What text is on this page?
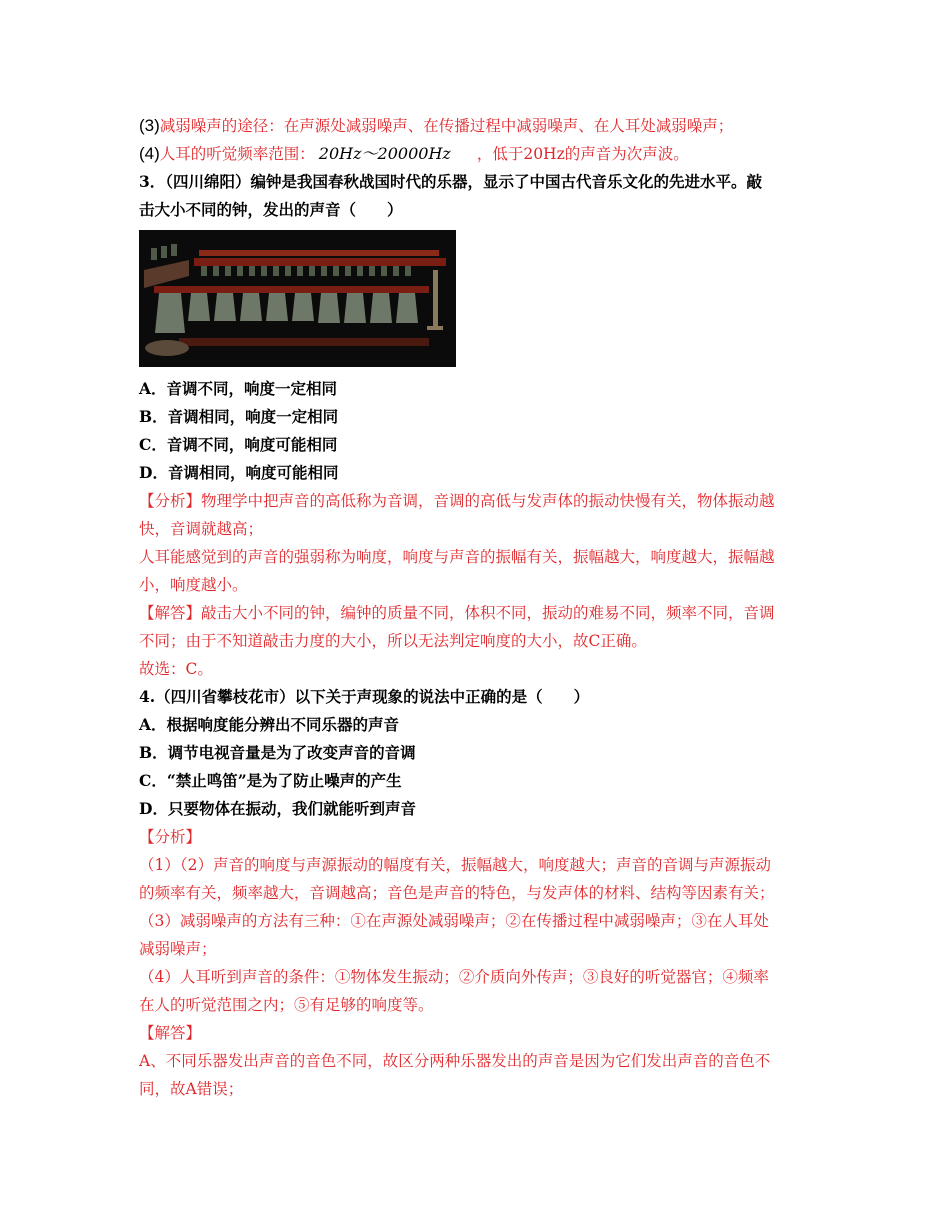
(3)减弱噪声的途径：在声源处减弱噪声、在传播过程中减弱噪声、在人耳处减弱噪声；
(4)人耳的听觉频率范围： 20Hz～20000Hz ，低于20Hz的声音为次声波。
3．（四川绵阳）编钟是我国春秋战国时代的乐器，显示了中国古代音乐文化的先进水平。敲
击大小不同的钟，发出的声音（　　）
A．音调不同，响度一定相同
B．音调相同，响度一定相同
C．音调不同，响度可能相同
D．音调相同，响度可能相同
【分析】物理学中把声音的高低称为音调，音调的高低与发声体的振动快慢有关，物体振动越
快，音调就越高；
人耳能感觉到的声音的强弱称为响度，响度与声音的振幅有关，振幅越大，响度越大，振幅越
小，响度越小。
【解答】敲击大小不同的钟，编钟的质量不同，体积不同，振动的难易不同，频率不同，音调
不同；由于不知道敲击力度的大小，所以无法判定响度的大小，故C正确。
故选：C。
4.（四川省攀枝花市）以下关于声现象的说法中正确的是（　　）
A．根据响度能分辨出不同乐器的声音
B．调节电视音量是为了改变声音的音调
C．“禁止鸣笛”是为了防止噪声的产生
D．只要物体在振动，我们就能听到声音
【分析】
（1）（2）声音的响度与声源振动的幅度有关，振幅越大，响度越大；声音的音调与声源振动
的频率有关，频率越大，音调越高；音色是声音的特色，与发声体的材料、结构等因素有关；
（3）减弱噪声的方法有三种：①在声源处减弱噪声；②在传播过程中减弱噪声；③在人耳处
减弱噪声；
（4）人耳听到声音的条件：①物体发生振动；②介质向外传声；③良好的听觉器官；④频率
在人的听觉范围之内；⑤有足够的响度等。
【解答】
A、不同乐器发出声音的音色不同，故区分两种乐器发出的声音是因为它们发出声音的音色不
同，故A错误；
